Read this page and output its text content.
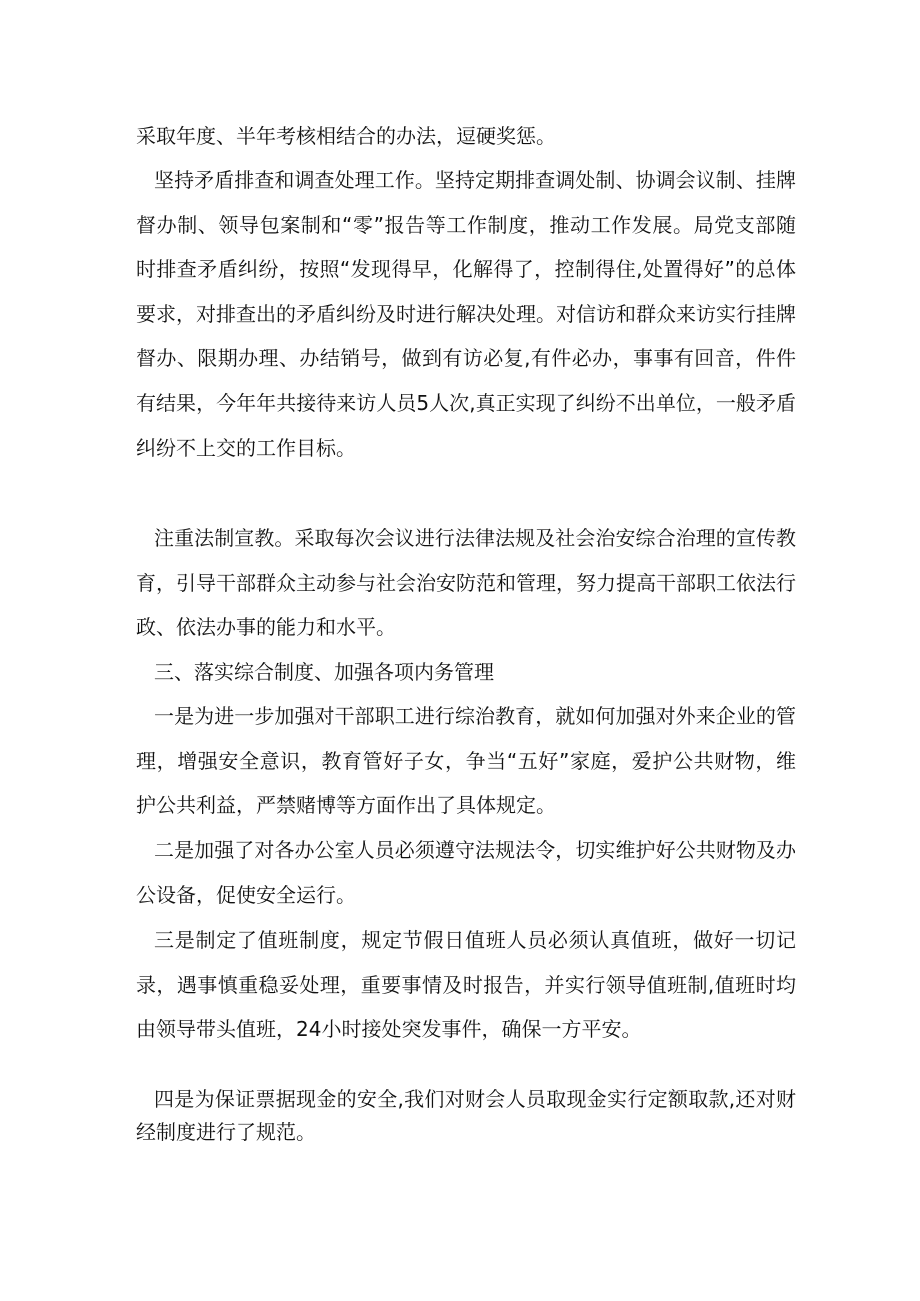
采取年度、半年考核相结合的办法，逗硬奖惩。

坚持矛盾排查和调查处理工作。坚持定期排查调处制、协调会议制、挂牌督办制、领导包案制和“零”报告等工作制度，推动工作发展。局党支部随时排查矛盾纠纷，按照“发现得早，化解得了，控制得住,处置得好”的总体要求，对排查出的矛盾纠纷及时进行解决处理。对信访和群众来访实行挂牌督办、限期办理、办结销号，做到有访必复,有件必办，事事有回音，件件有结果，今年年共接待来访人员5人次,真正实现了纠纷不出单位，一般矛盾纠纷不上交的工作目标。

注重法制宣教。采取每次会议进行法律法规及社会治安综合治理的宣传教育，引导干部群众主动参与社会治安防范和管理，努力提高干部职工依法行政、依法办事的能力和水平。

三、落实综合制度、加强各项内务管理

一是为进一步加强对干部职工进行综治教育，就如何加强对外来企业的管理，增强安全意识，教育管好子女，争当“五好”家庭，爱护公共财物，维护公共利益，严禁赌博等方面作出了具体规定。

二是加强了对各办公室人员必须遵守法规法令，切实维护好公共财物及办公设备，促使安全运行。

三是制定了值班制度，规定节假日值班人员必须认真值班，做好一切记录，遇事慎重稳妥处理，重要事情及时报告，并实行领导值班制,值班时均由领导带头值班，24小时接处突发事件，确保一方平安。

四是为保证票据现金的安全,我们对财会人员取现金实行定额取款,还对财经制度进行了规范。
